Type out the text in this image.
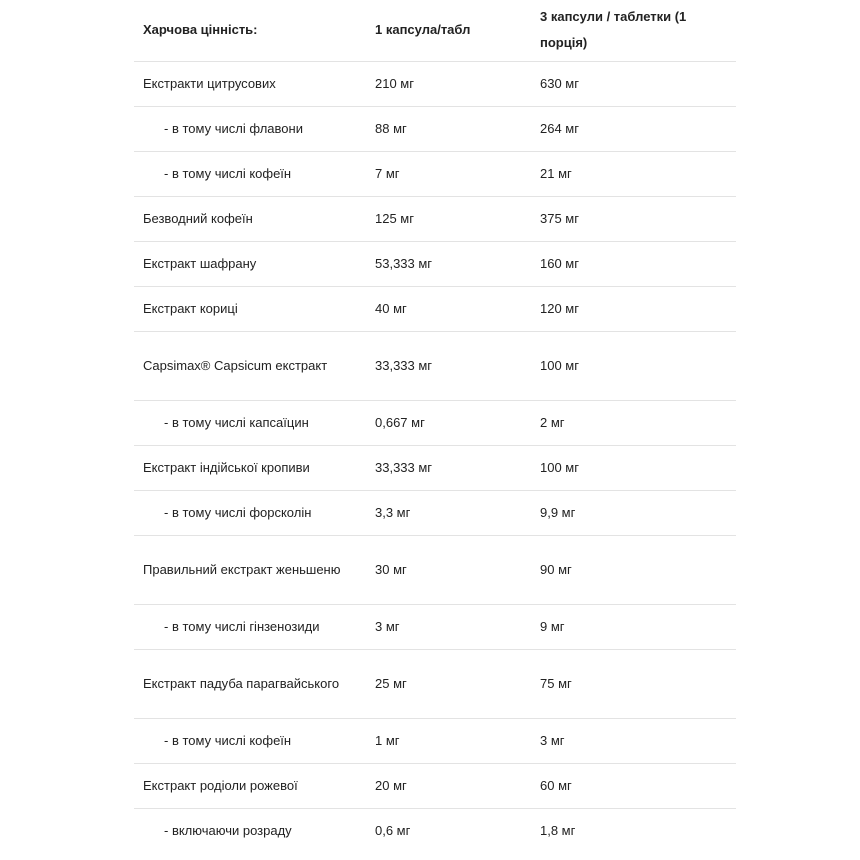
Харчова цінність:	1 капсула/табл	3 капсули / таблетки (1 порція)
Екстракти цитрусових	210 мг	630 мг
- в тому числі флавони	88 мг	264 мг
- в тому числі кофеїн	7 мг	21 мг
Безводний кофеїн	125 мг	375 мг
Екстракт шафрану	53,333 мг	160 мг
Екстракт кориці	40 мг	120 мг
Capsimax® Capsicum екстракт	33,333 мг	100 мг
- в тому числі капсаїцин	0,667 мг	2 мг
Екстракт індійської кропиви	33,333 мг	100 мг
- в тому числі форсколін	3,3 мг	9,9 мг
Правильний екстракт женьшеню	30 мг	90 мг
- в тому числі гінзенозиди	3 мг	9 мг
Екстракт падуба парагвайського	25 мг	75 мг
- в тому числі кофеїн	1 мг	3 мг
Екстракт родіоли рожевої	20 мг	60 мг
- включаючи розраду	0,6 мг	1,8 мг
